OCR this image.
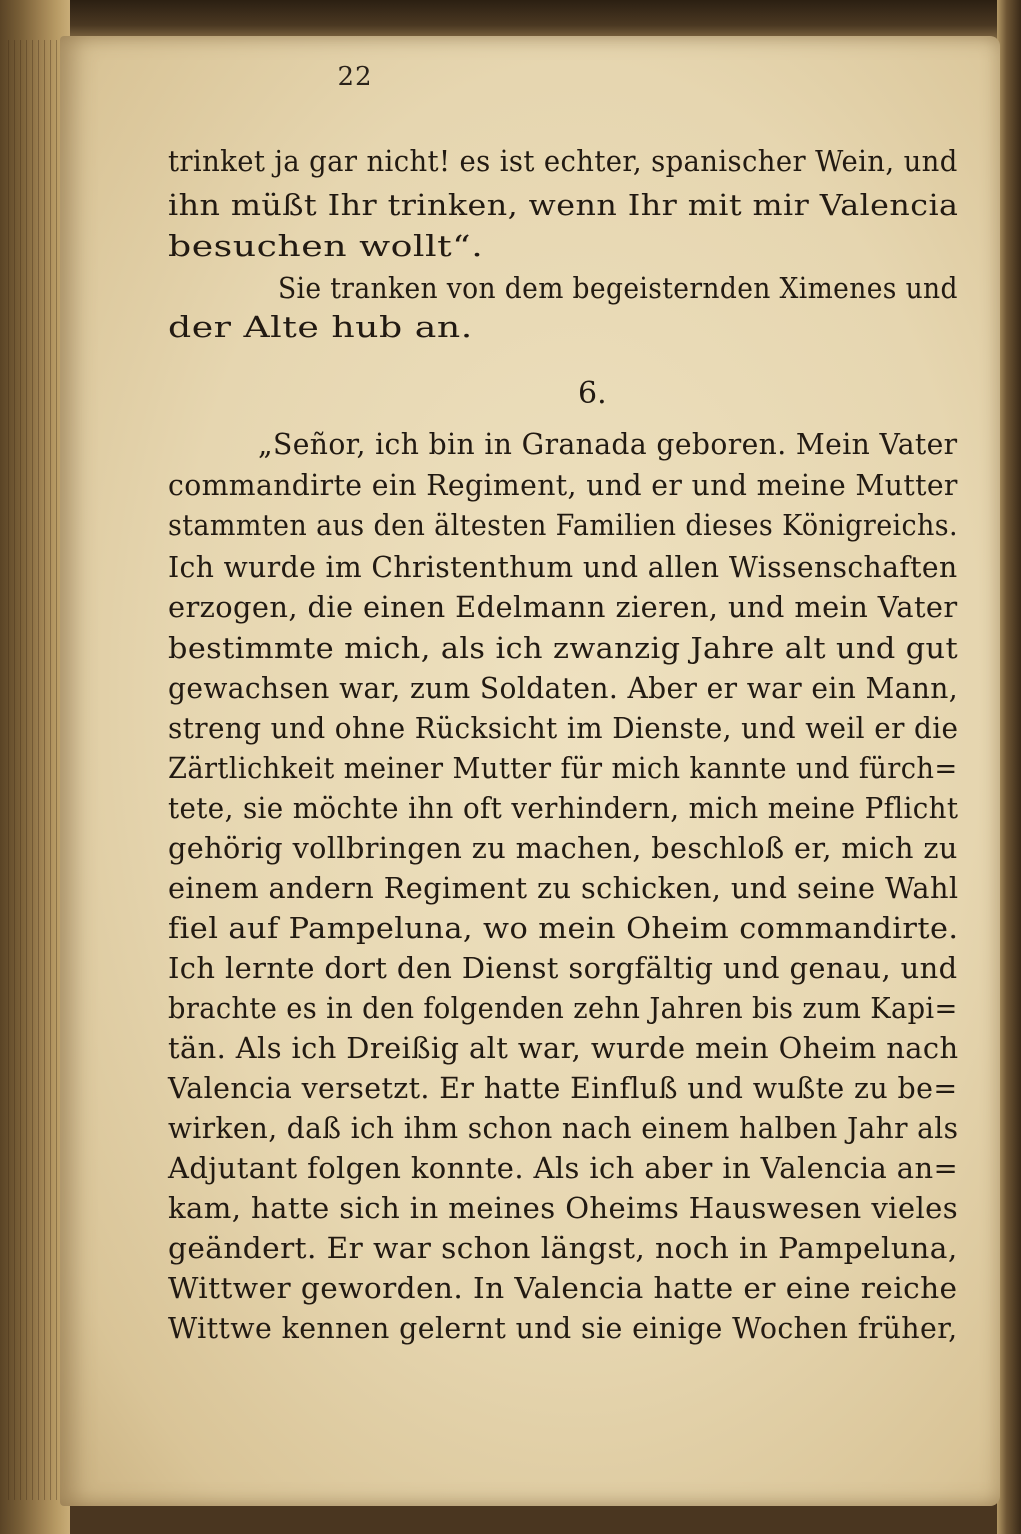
22
trinket ja gar nicht! es ist echter, spanischer Wein, und
ihn müßt Ihr trinken, wenn Ihr mit mir Valencia
besuchen wollt“.
Sie tranken von dem begeisternden Ximenes und
der Alte hub an.
6.
„Señor, ich bin in Granada geboren. Mein Vater
commandirte ein Regiment, und er und meine Mutter
stammten aus den ältesten Familien dieses Königreichs.
Ich wurde im Christenthum und allen Wissenschaften
erzogen, die einen Edelmann zieren, und mein Vater
bestimmte mich, als ich zwanzig Jahre alt und gut
gewachsen war, zum Soldaten. Aber er war ein Mann,
streng und ohne Rücksicht im Dienste, und weil er die
Zärtlichkeit meiner Mutter für mich kannte und fürch=
tete, sie möchte ihn oft verhindern, mich meine Pflicht
gehörig vollbringen zu machen, beschloß er, mich zu
einem andern Regiment zu schicken, und seine Wahl
fiel auf Pampeluna, wo mein Oheim commandirte.
Ich lernte dort den Dienst sorgfältig und genau, und
brachte es in den folgenden zehn Jahren bis zum Kapi=
tän. Als ich Dreißig alt war, wurde mein Oheim nach
Valencia versetzt. Er hatte Einfluß und wußte zu be=
wirken, daß ich ihm schon nach einem halben Jahr als
Adjutant folgen konnte. Als ich aber in Valencia an=
kam, hatte sich in meines Oheims Hauswesen vieles
geändert. Er war schon längst, noch in Pampeluna,
Wittwer geworden. In Valencia hatte er eine reiche
Wittwe kennen gelernt und sie einige Wochen früher,
